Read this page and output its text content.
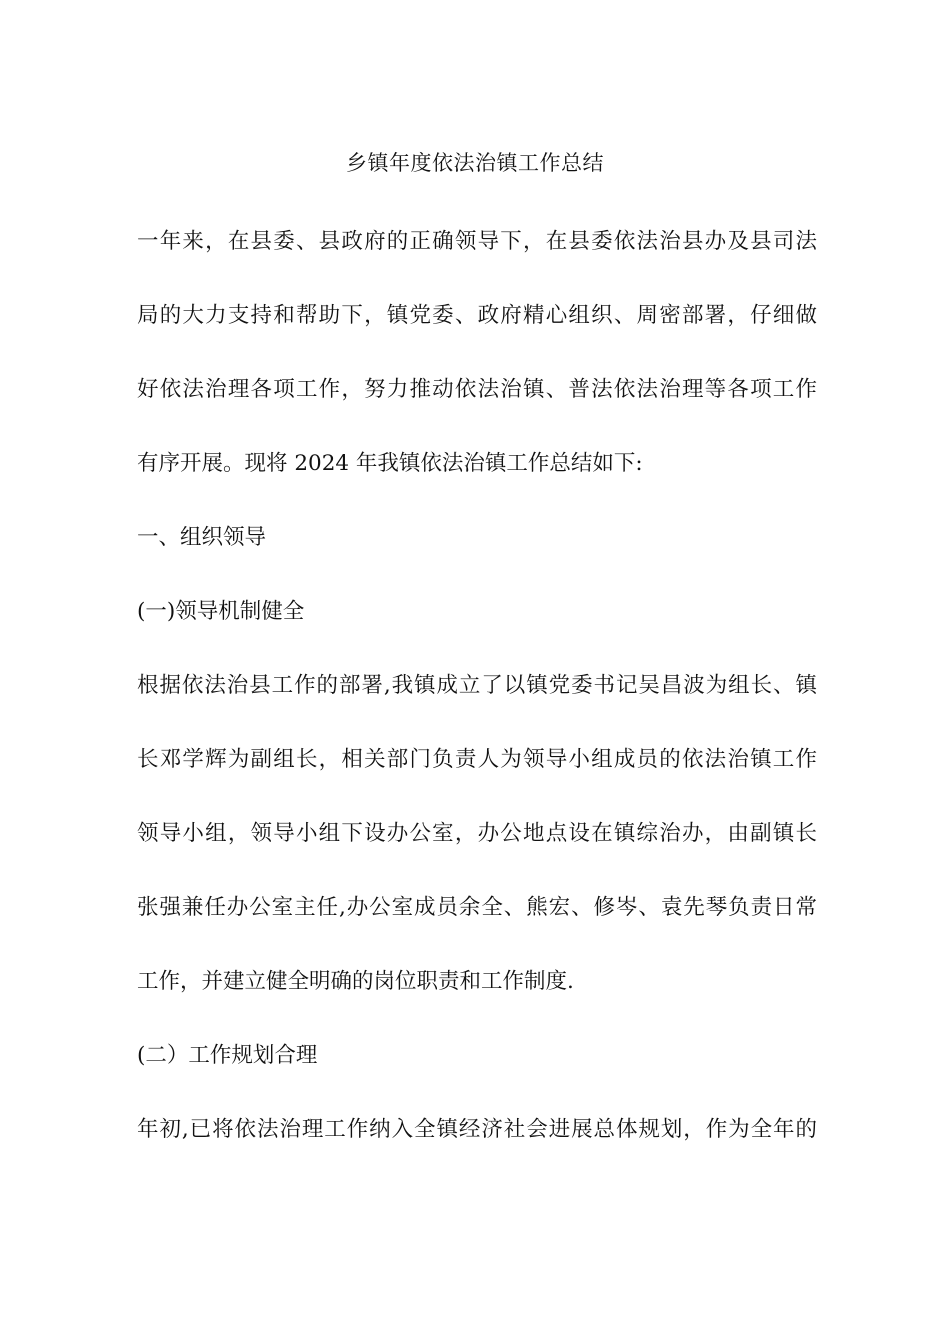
乡镇年度依法治镇工作总结
一年来，在县委、县政府的正确领导下，在县委依法治县办及县司法
局的大力支持和帮助下，镇党委、政府精心组织、周密部署，仔细做
好依法治理各项工作，努力推动依法治镇、普法依法治理等各项工作
有序开展。现将 2024 年我镇依法治镇工作总结如下:
一、组织领导
(一)领导机制健全
根据依法治县工作的部署,我镇成立了以镇党委书记吴昌波为组长、镇
长邓学辉为副组长，相关部门负责人为领导小组成员的依法治镇工作
领导小组，领导小组下设办公室，办公地点设在镇综治办，由副镇长
张强兼任办公室主任,办公室成员余全、熊宏、修岑、袁先琴负责日常
工作，并建立健全明确的岗位职责和工作制度.
(二）工作规划合理
年初,已将依法治理工作纳入全镇经济社会进展总体规划，作为全年的
